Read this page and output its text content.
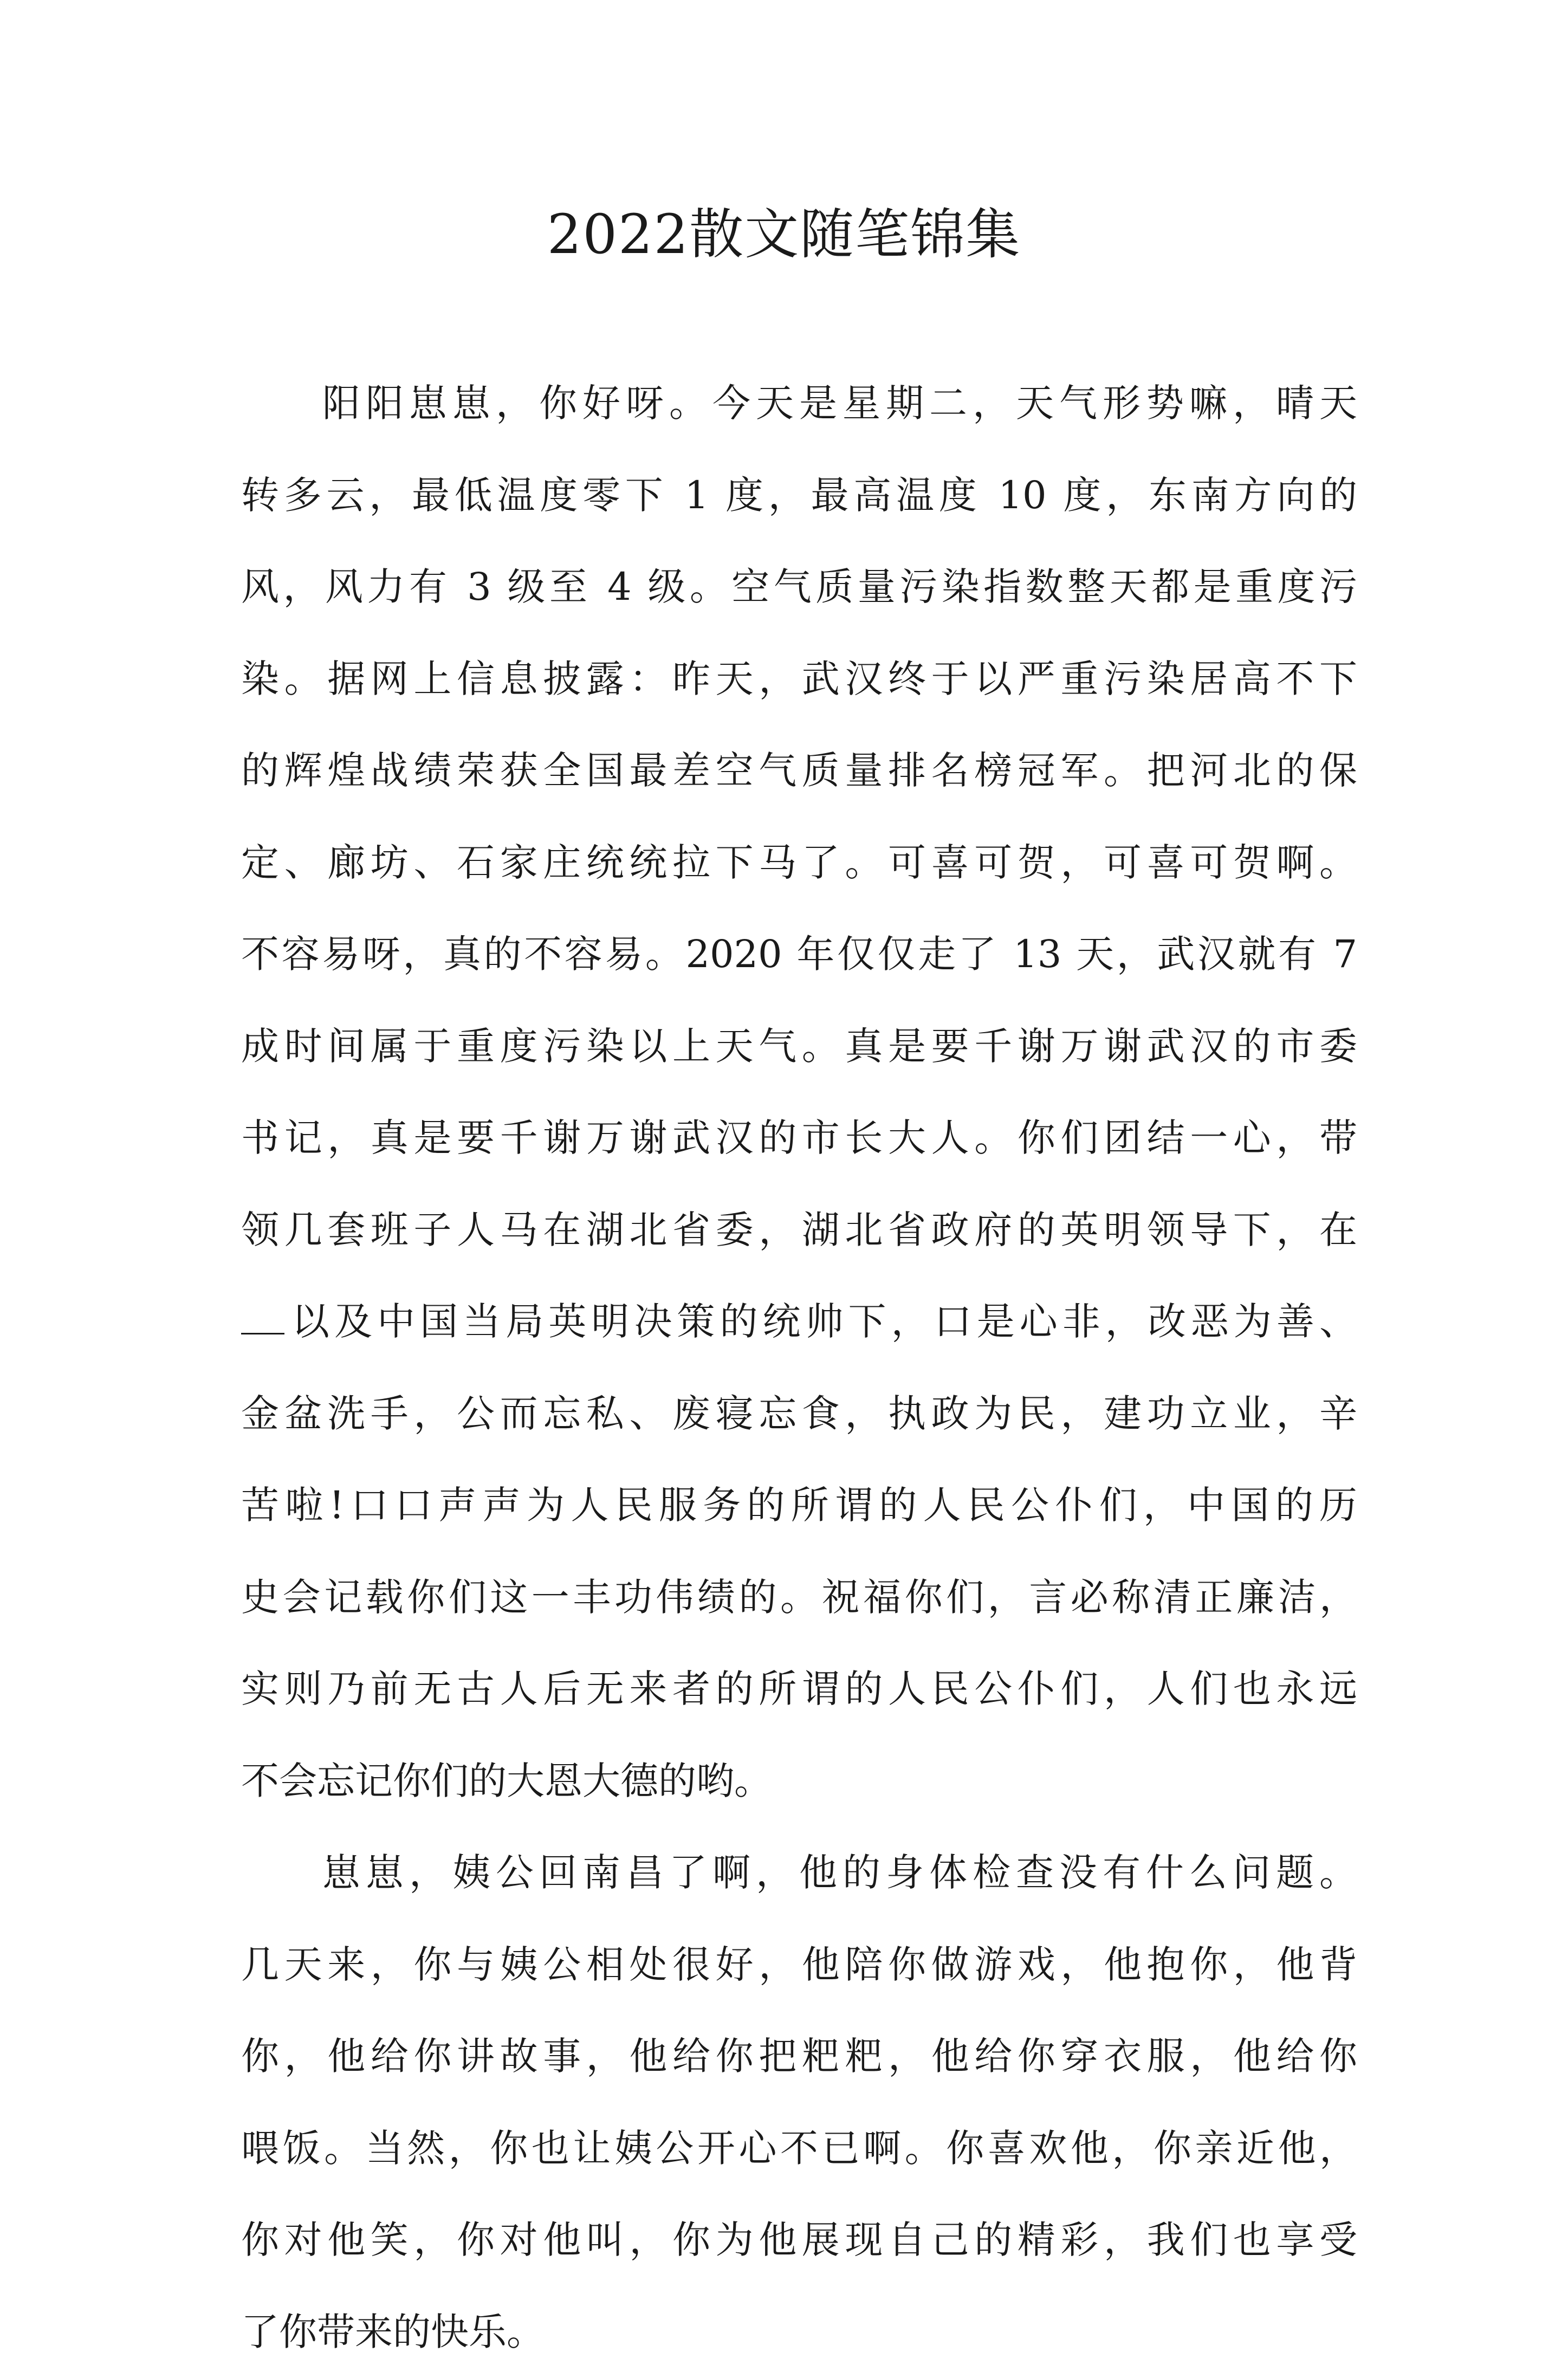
2022散文随笔锦集

阳阳崽崽，你好呀。今天是星期二，天气形势嘛，晴天

转多云，最低温度零下 1 度，最高温度 10 度，东南方向的

风，风力有 3 级至 4 级。空气质量污染指数整天都是重度污

染。据网上信息披露：昨天，武汉终于以严重污染居高不下

的辉煌战绩荣获全国最差空气质量排名榜冠军。把河北的保

定、廊坊、石家庄统统拉下马了。可喜可贺，可喜可贺啊。

不容易呀，真的不容易。2020 年仅仅走了 13 天，武汉就有 7

成时间属于重度污染以上天气。真是要千谢万谢武汉的市委

书记，真是要千谢万谢武汉的市长大人。你们团结一心，带

领几套班子人马在湖北省委，湖北省政府的英明领导下，在

以及中国当局英明决策的统帅下，口是心非，改恶为善、

金盆洗手，公而忘私、废寝忘食，执政为民，建功立业，辛

苦啦!口口声声为人民服务的所谓的人民公仆们，中国的历

史会记载你们这一丰功伟绩的。祝福你们，言必称清正廉洁，

实则乃前无古人后无来者的所谓的人民公仆们，人们也永远

不会忘记你们的大恩大德的哟。

崽崽，姨公回南昌了啊，他的身体检查没有什么问题。

几天来，你与姨公相处很好，他陪你做游戏，他抱你，他背

你，他给你讲故事，他给你把粑粑，他给你穿衣服，他给你

喂饭。当然，你也让姨公开心不已啊。你喜欢他，你亲近他，

你对他笑，你对他叫，你为他展现自己的精彩，我们也享受

了你带来的快乐。
